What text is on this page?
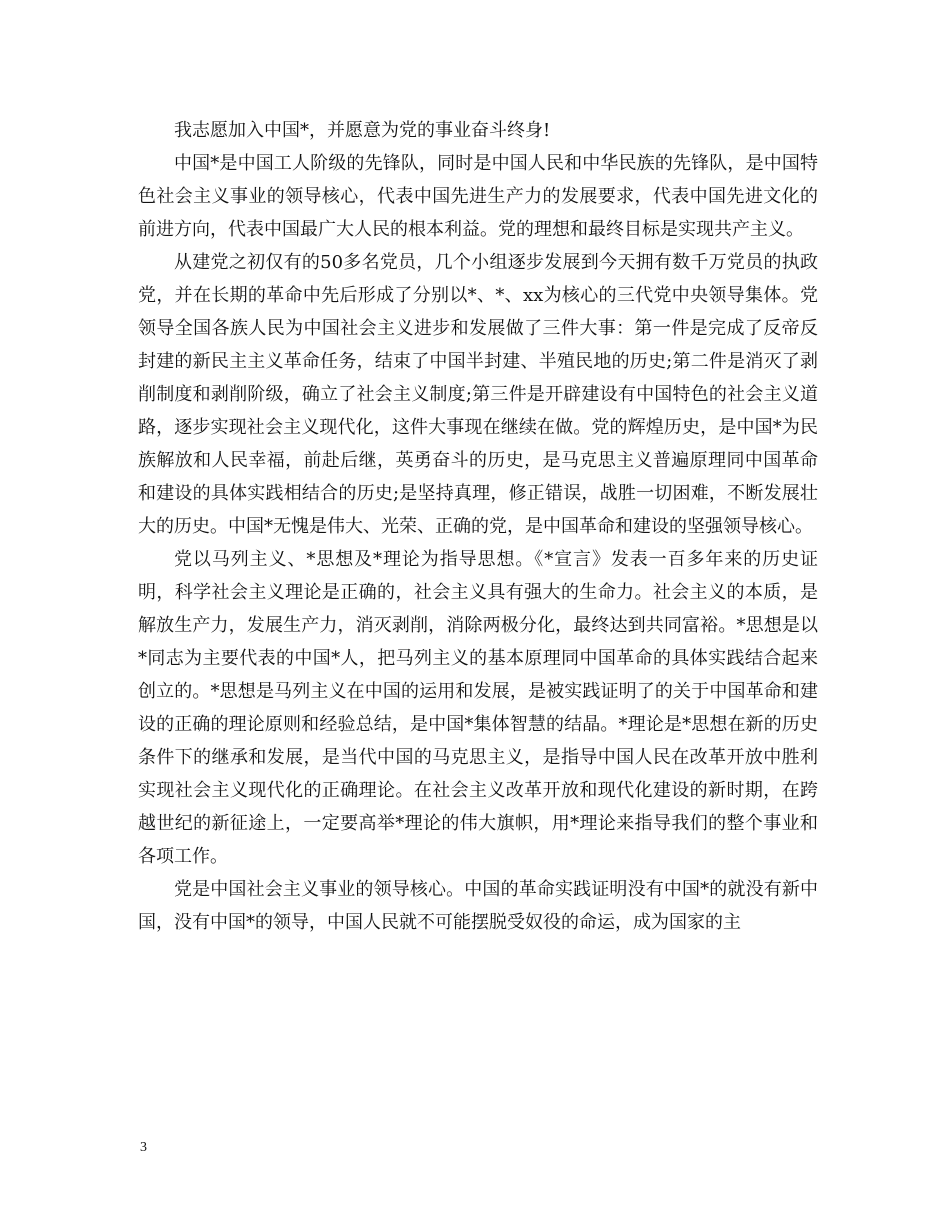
我志愿加入中国*，并愿意为党的事业奋斗终身!

中国*是中国工人阶级的先锋队，同时是中国人民和中华民族的先锋队，是中国特色社会主义事业的领导核心，代表中国先进生产力的发展要求，代表中国先进文化的前进方向，代表中国最广大人民的根本利益。党的理想和最终目标是实现共产主义。

从建党之初仅有的50多名党员，几个小组逐步发展到今天拥有数千万党员的执政党，并在长期的革命中先后形成了分别以*、*、xx为核心的三代党中央领导集体。党领导全国各族人民为中国社会主义进步和发展做了三件大事：第一件是完成了反帝反封建的新民主主义革命任务，结束了中国半封建、半殖民地的历史;第二件是消灭了剥削制度和剥削阶级，确立了社会主义制度;第三件是开辟建设有中国特色的社会主义道路，逐步实现社会主义现代化，这件大事现在继续在做。党的辉煌历史，是中国*为民族解放和人民幸福，前赴后继，英勇奋斗的历史，是马克思主义普遍原理同中国革命和建设的具体实践相结合的历史;是坚持真理，修正错误，战胜一切困难，不断发展壮大的历史。中国*无愧是伟大、光荣、正确的党，是中国革命和建设的坚强领导核心。

党以马列主义、*思想及*理论为指导思想。《*宣言》发表一百多年来的历史证明，科学社会主义理论是正确的，社会主义具有强大的生命力。社会主义的本质，是解放生产力，发展生产力，消灭剥削，消除两极分化，最终达到共同富裕。*思想是以*同志为主要代表的中国*人，把马列主义的基本原理同中国革命的具体实践结合起来创立的。*思想是马列主义在中国的运用和发展，是被实践证明了的关于中国革命和建设的正确的理论原则和经验总结，是中国*集体智慧的结晶。*理论是*思想在新的历史条件下的继承和发展，是当代中国的马克思主义，是指导中国人民在改革开放中胜利实现社会主义现代化的正确理论。在社会主义改革开放和现代化建设的新时期，在跨越世纪的新征途上，一定要高举*理论的伟大旗帜，用*理论来指导我们的整个事业和各项工作。

党是中国社会主义事业的领导核心。中国的革命实践证明没有中国*的就没有新中国，没有中国*的领导，中国人民就不可能摆脱受奴役的命运，成为国家的主

3
